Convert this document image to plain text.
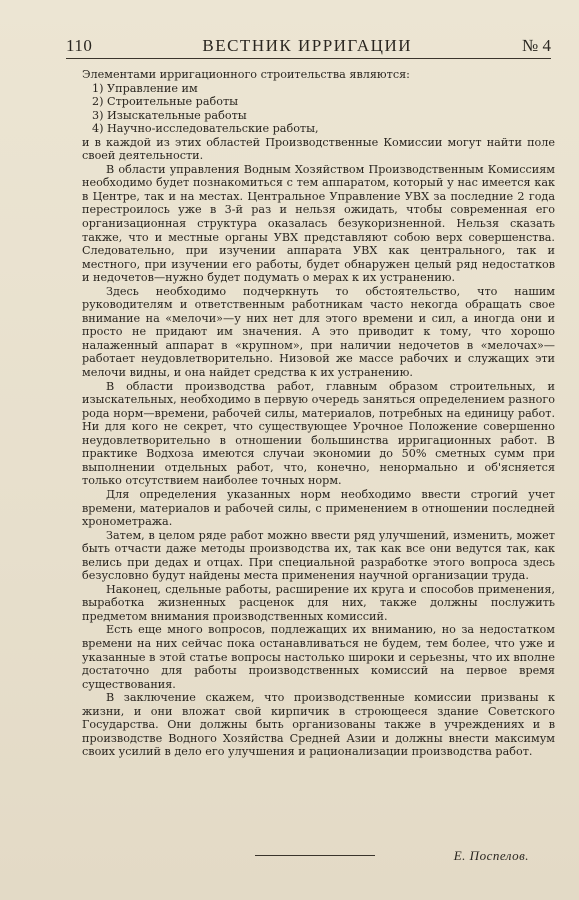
110	ВЕСТНИК ИРРИГАЦИИ	№ 4

Элементами ирригационного строительства являются:

1) Управление им
2) Строительные работы
3) Изыскательные работы
4) Научно-исследовательские работы,

и в каждой из этих областей Производственные Комиссии могут найти поле своей деятельности.

В области управления Водным Хозяйством Производственным Комиссиям необходимо будет познакомиться с тем аппаратом, который у нас имеется как в Центре, так и на местах. Центральное Управление УВХ за последние 2 года перестроилось уже в 3-й раз и нельзя ожидать, чтобы современная его организационная структура оказалась безукоризненной. Нельзя сказать также, что и местные органы УВХ представляют собою верх совершенства. Следовательно, при изучении аппарата УВХ как центрального, так и местного, при изучении его работы, будет обнаружен целый ряд недостатков и недочетов—нужно будет подумать о мерах к их устранению.

Здесь необходимо подчеркнуть то обстоятельство, что нашим руководителям и ответственным работникам часто некогда обращать свое внимание на «мелочи»—у них нет для этого времени и сил, а иногда они и просто не придают им значения. А это приводит к тому, что хорошо налаженный аппарат в «крупном», при наличии недочетов в «мелочах»—работает неудовлетворительно. Низовой же массе рабочих и служащих эти мелочи видны, и она найдет средства к их устранению.

В области производства работ, главным образом строительных, и изыскательных, необходимо в первую очередь заняться определением разного рода норм—времени, рабочей силы, материалов, потребных на единицу работ. Ни для кого не секрет, что существующее Урочное Положение совершенно неудовлетворительно в отношении большинства ирригационных работ. В практике Водхоза имеются случаи экономии до 50% сметных сумм при выполнении отдельных работ, что, конечно, ненормально и об'ясняется только отсутствием наиболее точных норм.

Для определения указанных норм необходимо ввести строгий учет времени, материалов и рабочей силы, с применением в отношении последней хронометража.

Затем, в целом ряде работ можно ввести ряд улучшений, изменить, может быть отчасти даже методы производства их, так как все они ведутся так, как велись при дедах и отцах. При специальной разработке этого вопроса здесь безусловно будут найдены места применения научной организации труда.

Наконец, сдельные работы, расширение их круга и способов применения, выработка жизненных расценок для них, также должны послужить предметом внимания производственных комиссий.

Есть еще много вопросов, подлежащих их вниманию, но за недостатком времени на них сейчас пока останавливаться не будем, тем более, что уже и указанные в этой статье вопросы настолько широки и серьезны, что их вполне достаточно для работы производственных комиссий на первое время существования.

В заключение скажем, что производственные комиссии призваны к жизни, и они вложат свой кирпичик в строющееся здание Советского Государства. Они должны быть организованы также в учреждениях и в производстве Водного Хозяйства Средней Азии и должны внести максимум своих усилий в дело его улучшения и рационализации производства работ.

Е. Поспелов.
